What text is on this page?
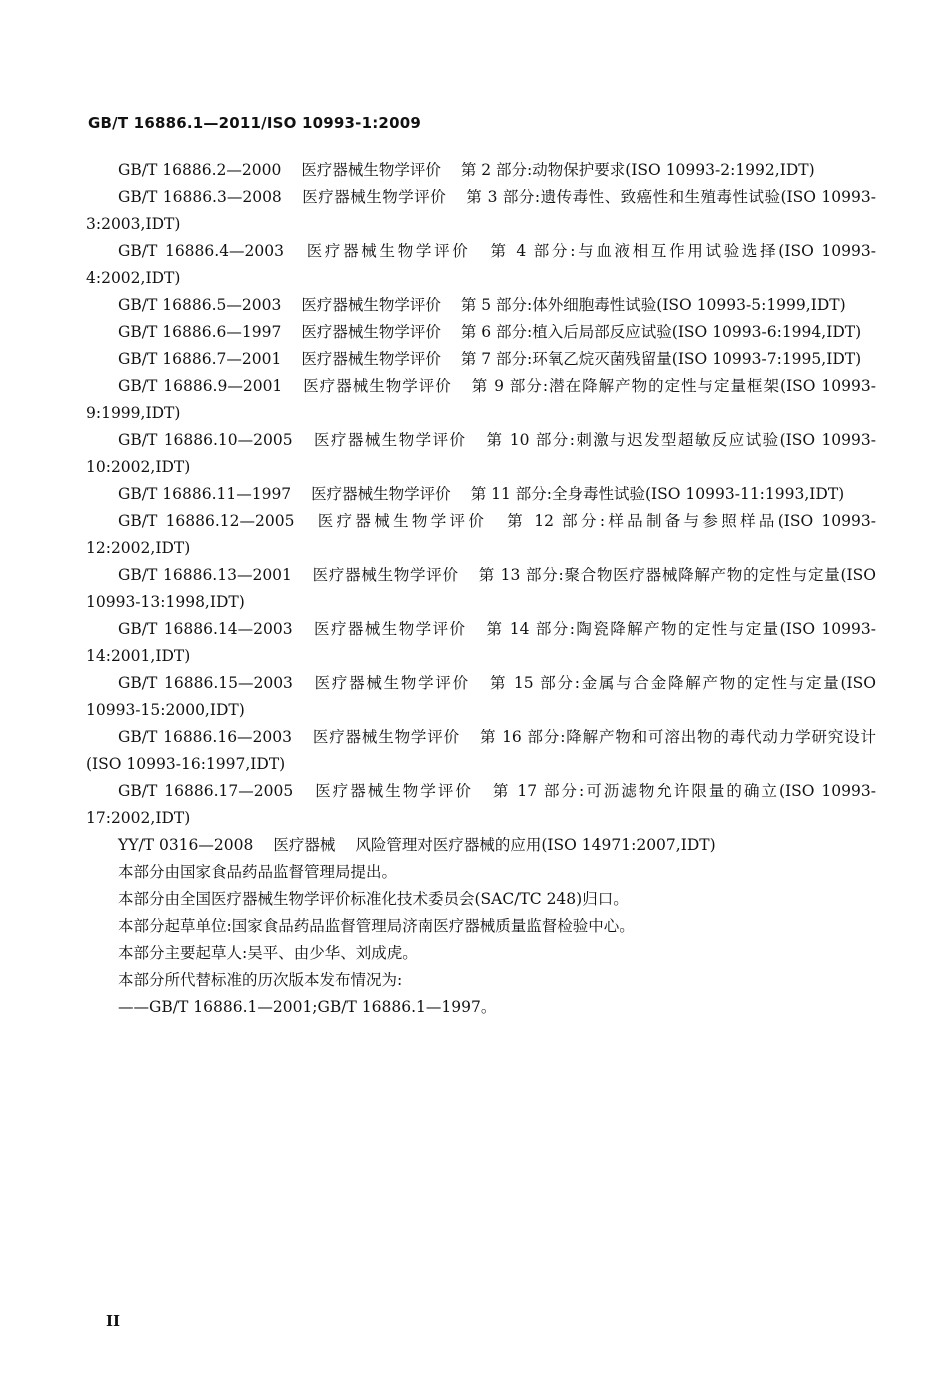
GB/T 16886.1—2011/ISO 10993-1:2009

GB/T 16886.2—2000 医疗器械生物学评价 第 2 部分:动物保护要求(ISO 10993-2:1992,IDT)

GB/T 16886.3—2008 医疗器械生物学评价 第 3 部分:遗传毒性、致癌性和生殖毒性试验(ISO 10993-3:2003,IDT)

GB/T 16886.4—2003 医疗器械生物学评价 第 4 部分:与血液相互作用试验选择(ISO 10993-4:2002,IDT)

GB/T 16886.5—2003 医疗器械生物学评价 第 5 部分:体外细胞毒性试验(ISO 10993-5:1999,IDT)

GB/T 16886.6—1997 医疗器械生物学评价 第 6 部分:植入后局部反应试验(ISO 10993-6:1994,IDT)

GB/T 16886.7—2001 医疗器械生物学评价 第 7 部分:环氧乙烷灭菌残留量(ISO 10993-7:1995,IDT)

GB/T 16886.9—2001 医疗器械生物学评价 第 9 部分:潜在降解产物的定性与定量框架(ISO 10993-9:1999,IDT)

GB/T 16886.10—2005 医疗器械生物学评价 第 10 部分:刺激与迟发型超敏反应试验(ISO 10993-10:2002,IDT)

GB/T 16886.11—1997 医疗器械生物学评价 第 11 部分:全身毒性试验(ISO 10993-11:1993,IDT)

GB/T 16886.12—2005 医疗器械生物学评价 第 12 部分:样品制备与参照样品(ISO 10993-12:2002,IDT)

GB/T 16886.13—2001 医疗器械生物学评价 第 13 部分:聚合物医疗器械降解产物的定性与定量(ISO 10993-13:1998,IDT)

GB/T 16886.14—2003 医疗器械生物学评价 第 14 部分:陶瓷降解产物的定性与定量(ISO 10993-14:2001,IDT)

GB/T 16886.15—2003 医疗器械生物学评价 第 15 部分:金属与合金降解产物的定性与定量(ISO 10993-15:2000,IDT)

GB/T 16886.16—2003 医疗器械生物学评价 第 16 部分:降解产物和可溶出物的毒代动力学研究设计(ISO 10993-16:1997,IDT)

GB/T 16886.17—2005 医疗器械生物学评价 第 17 部分:可沥滤物允许限量的确立(ISO 10993-17:2002,IDT)

YY/T 0316—2008 医疗器械 风险管理对医疗器械的应用(ISO 14971:2007,IDT)

本部分由国家食品药品监督管理局提出。

本部分由全国医疗器械生物学评价标准化技术委员会(SAC/TC 248)归口。

本部分起草单位:国家食品药品监督管理局济南医疗器械质量监督检验中心。

本部分主要起草人:吴平、由少华、刘成虎。

本部分所代替标准的历次版本发布情况为:

——GB/T 16886.1—2001;GB/T 16886.1—1997。

II
